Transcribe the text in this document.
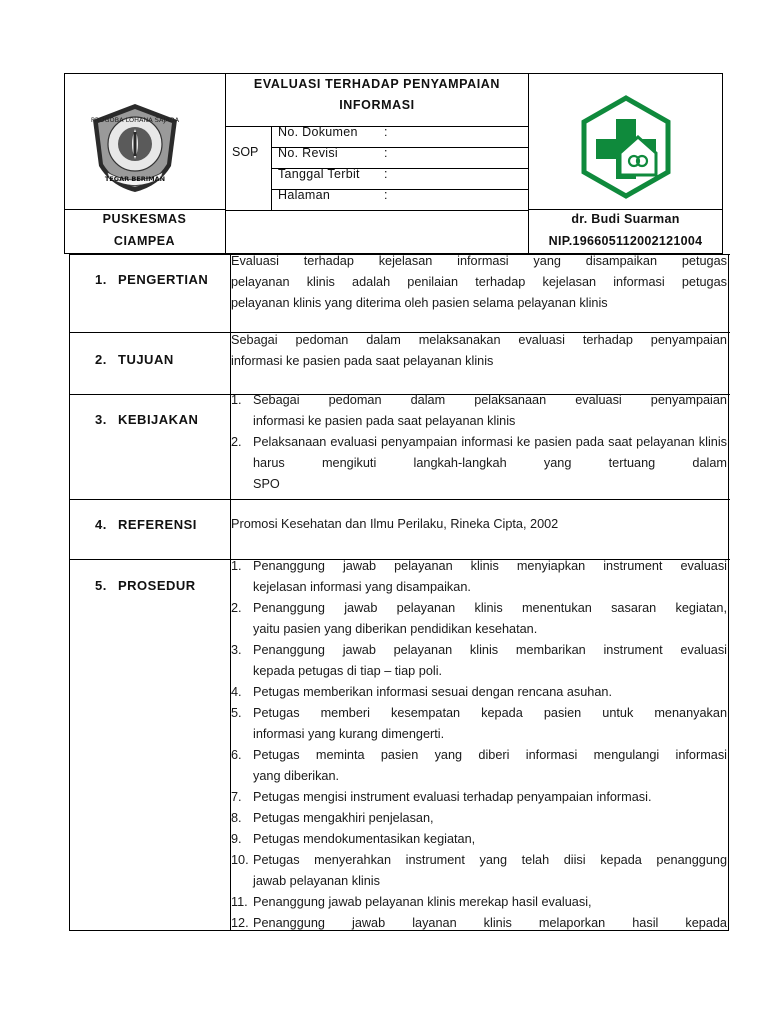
EVALUASI TERHADAP PENYAMPAIAN INFORMASI
SOP
No. Dokumen :
No. Revisi	:
Tanggal Terbit :
Halaman	:
PROGOBA LOHANA SAJADA
TEGAR BERIMAN
PUSKESMAS
CIAMPEA
dr. Budi Suarman
NIP.196605112002121004
1. PENGERTIAN

Evaluasi terhadap kejelasan informasi yang disampaikan petugas

pelayanan klinis adalah penilaian terhadap kejelasan informasi petugas

pelayanan klinis yang diterima oleh pasien selama pelayanan klinis

2. TUJUAN

Sebagai pedoman dalam melaksanakan evaluasi terhadap penyampaian

informasi ke pasien pada saat pelayanan klinis

3. KEBIJAKAN
1. Sebagai pedoman dalam pelaksanaan evaluasi penyampaian
informasi ke pasien pada saat pelayanan klinis
2. Pelaksanaan evaluasi penyampaian informasi ke pasien pada saat pelayanan klinis harus mengikuti langkah-langkah yang tertuang dalam
SPO
4. REFERENSI	Promosi Kesehatan dan Ilmu Perilaku, Rineka Cipta, 2002

5. PROSEDUR
1. Penanggung jawab pelayanan klinis menyiapkan instrument evaluasi
kejelasan informasi yang disampaikan.
2. Penanggung jawab pelayanan klinis menentukan sasaran kegiatan,
yaitu pasien yang diberikan pendidikan kesehatan.
3. Penanggung jawab pelayanan klinis membarikan instrument evaluasi
kepada petugas di tiap – tiap poli.
4. Petugas memberikan informasi sesuai dengan rencana asuhan.
5. Petugas memberi kesempatan kepada pasien untuk menanyakan
informasi yang kurang dimengerti.
6. Petugas meminta pasien yang diberi informasi mengulangi informasi
yang diberikan.
7. Petugas mengisi instrument evaluasi terhadap penyampaian informasi.
8. Petugas mengakhiri penjelasan,
9. Petugas mendokumentasikan kegiatan,
10. Petugas menyerahkan instrument yang telah diisi kepada penanggung
jawab pelayanan klinis
11. Penanggung jawab pelayanan klinis merekap hasil evaluasi,
12. Penanggung jawab layanan klinis melaporkan hasil kepada
